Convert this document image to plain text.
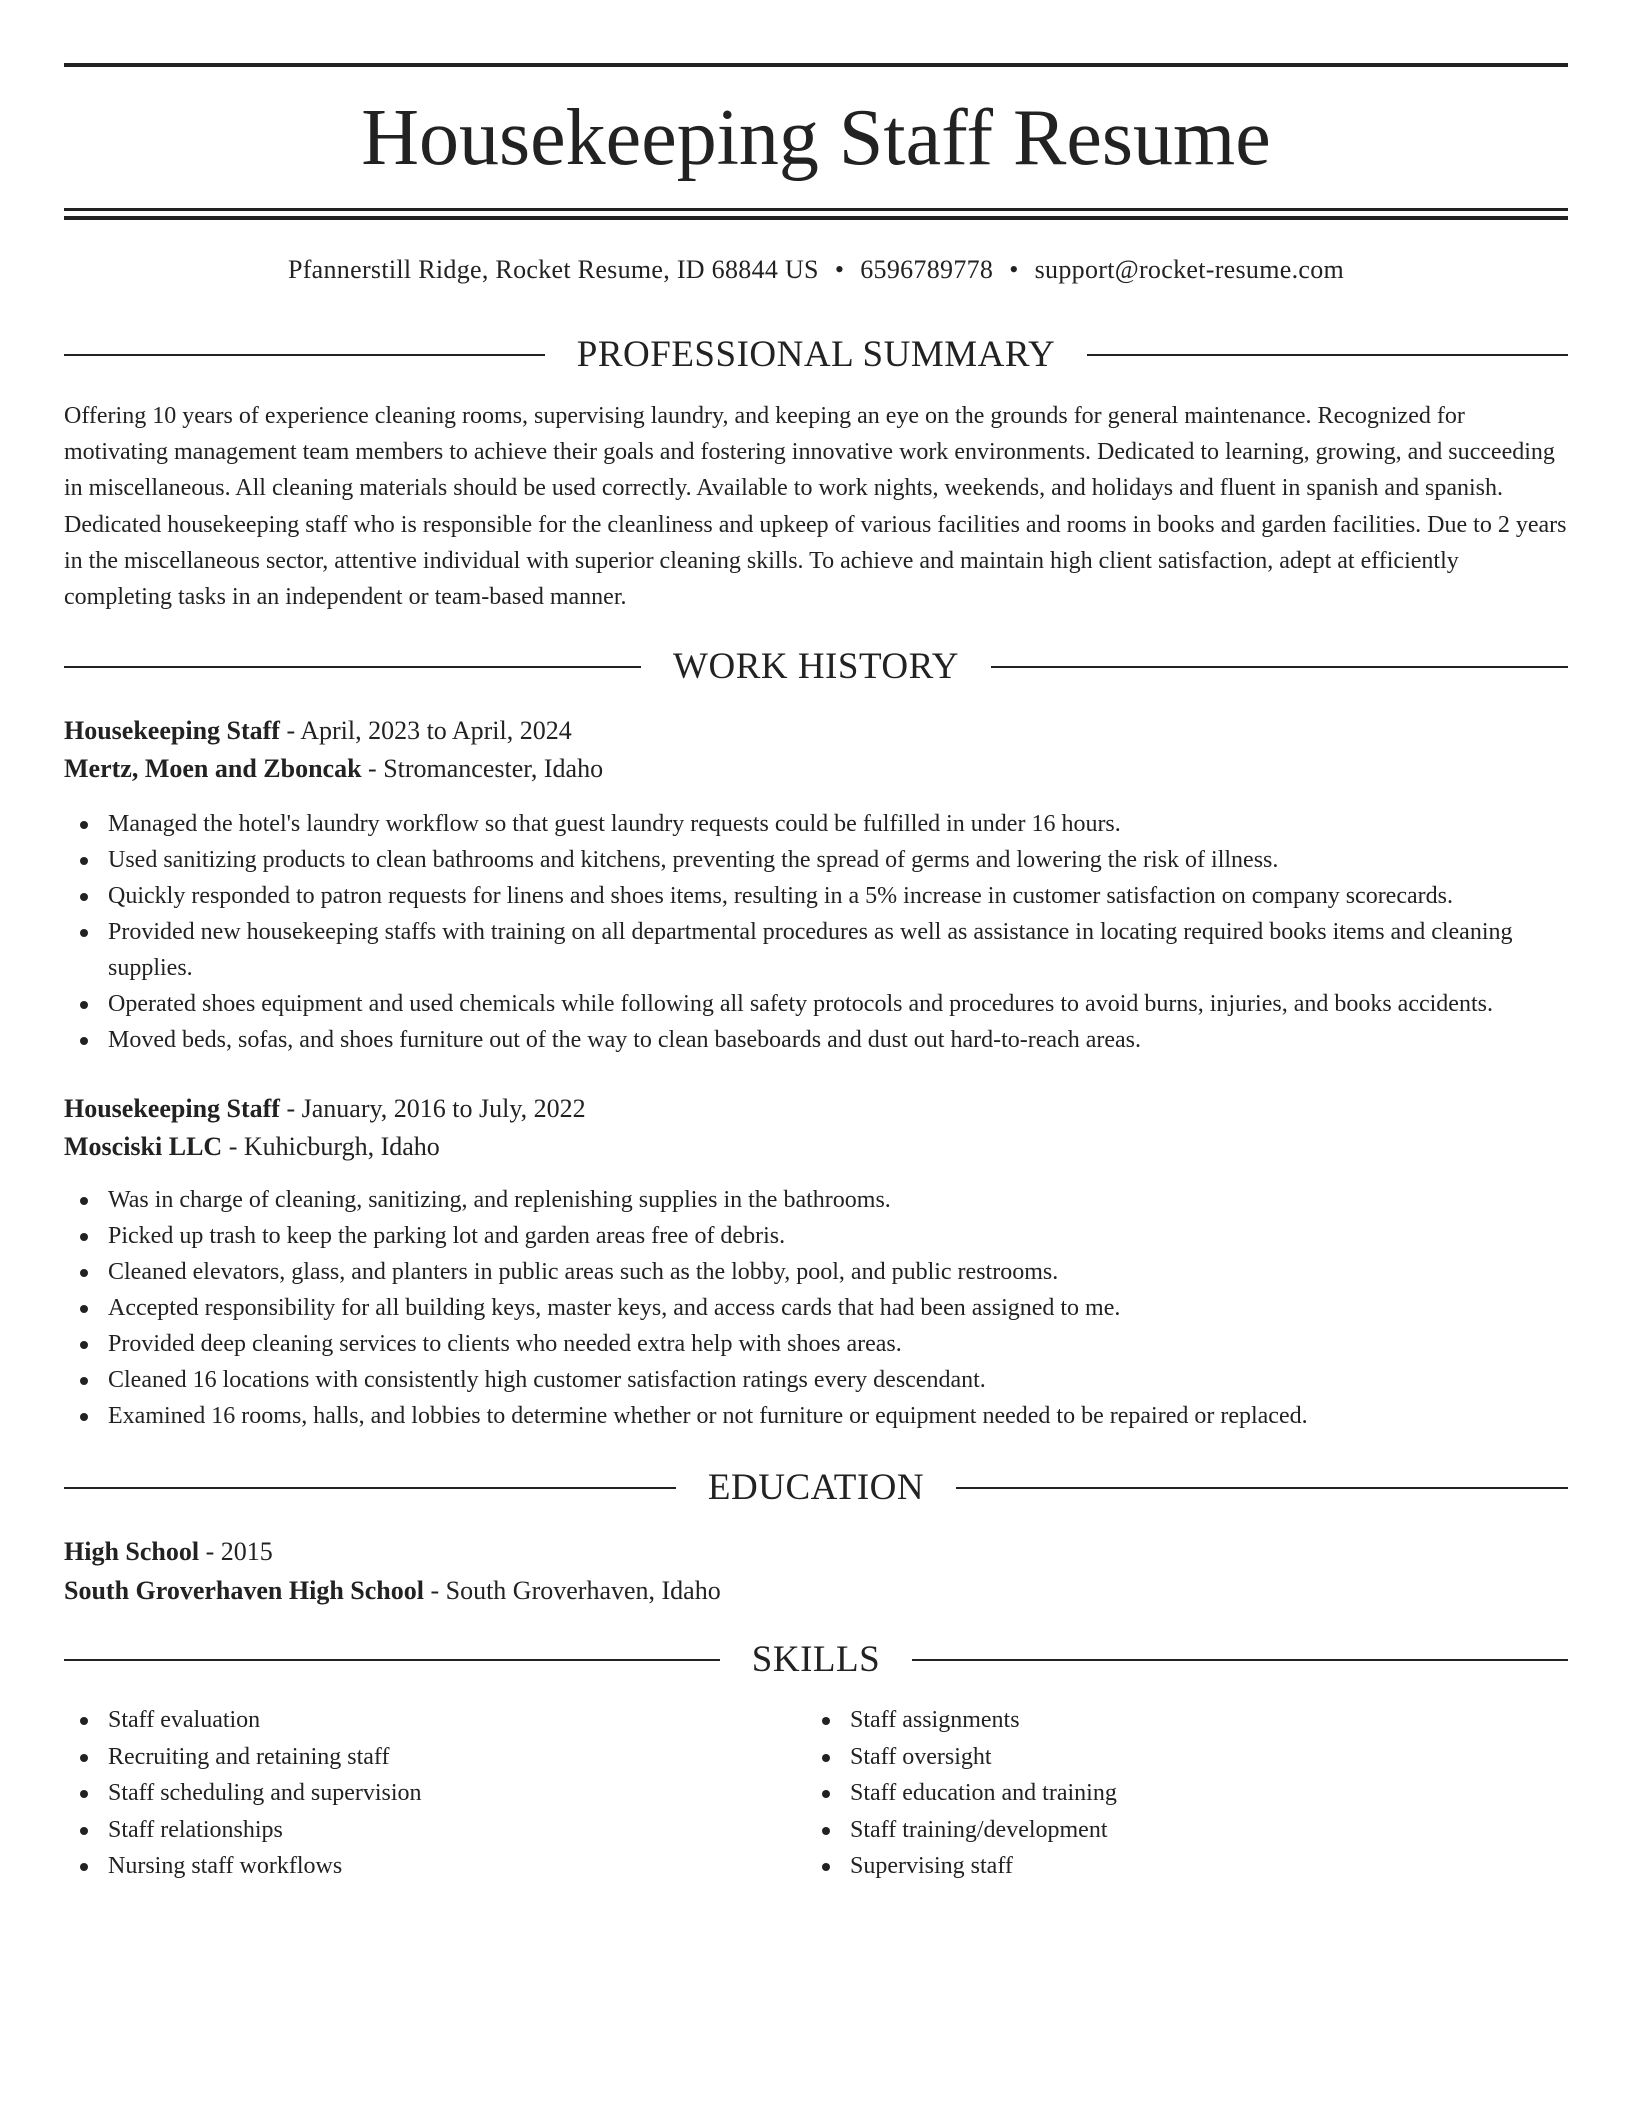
Housekeeping Staff Resume
Pfannerstill Ridge, Rocket Resume, ID 68844 US • 6596789778 • support@rocket-resume.com
PROFESSIONAL SUMMARY

Offering 10 years of experience cleaning rooms, supervising laundry, and keeping an eye on the grounds for general maintenance. Recognized for motivating management team members to achieve their goals and fostering innovative work environments. Dedicated to learning, growing, and succeeding in miscellaneous. All cleaning materials should be used correctly. Available to work nights, weekends, and holidays and fluent in spanish and spanish. Dedicated housekeeping staff who is responsible for the cleanliness and upkeep of various facilities and rooms in books and garden facilities. Due to 2 years in the miscellaneous sector, attentive individual with superior cleaning skills. To achieve and maintain high client satisfaction, adept at efficiently completing tasks in an independent or team-based manner.

WORK HISTORY
Housekeeping Staff - April, 2023 to April, 2024
Mertz, Moen and Zboncak - Stromancester, Idaho
Managed the hotel's laundry workflow so that guest laundry requests could be fulfilled in under 16 hours.
Used sanitizing products to clean bathrooms and kitchens, preventing the spread of germs and lowering the risk of illness.
Quickly responded to patron requests for linens and shoes items, resulting in a 5% increase in customer satisfaction on company scorecards.
Provided new housekeeping staffs with training on all departmental procedures as well as assistance in locating required books items and cleaning supplies.
Operated shoes equipment and used chemicals while following all safety protocols and procedures to avoid burns, injuries, and books accidents.
Moved beds, sofas, and shoes furniture out of the way to clean baseboards and dust out hard-to-reach areas.
Housekeeping Staff - January, 2016 to July, 2022
Mosciski LLC - Kuhicburgh, Idaho
Was in charge of cleaning, sanitizing, and replenishing supplies in the bathrooms.
Picked up trash to keep the parking lot and garden areas free of debris.
Cleaned elevators, glass, and planters in public areas such as the lobby, pool, and public restrooms.
Accepted responsibility for all building keys, master keys, and access cards that had been assigned to me.
Provided deep cleaning services to clients who needed extra help with shoes areas.
Cleaned 16 locations with consistently high customer satisfaction ratings every descendant.
Examined 16 rooms, halls, and lobbies to determine whether or not furniture or equipment needed to be repaired or replaced.
EDUCATION
High School - 2015
South Groverhaven High School - South Groverhaven, Idaho
SKILLS
Staff evaluation
Recruiting and retaining staff
Staff scheduling and supervision
Staff relationships
Nursing staff workflows
Staff assignments
Staff oversight
Staff education and training
Staff training/development
Supervising staff
